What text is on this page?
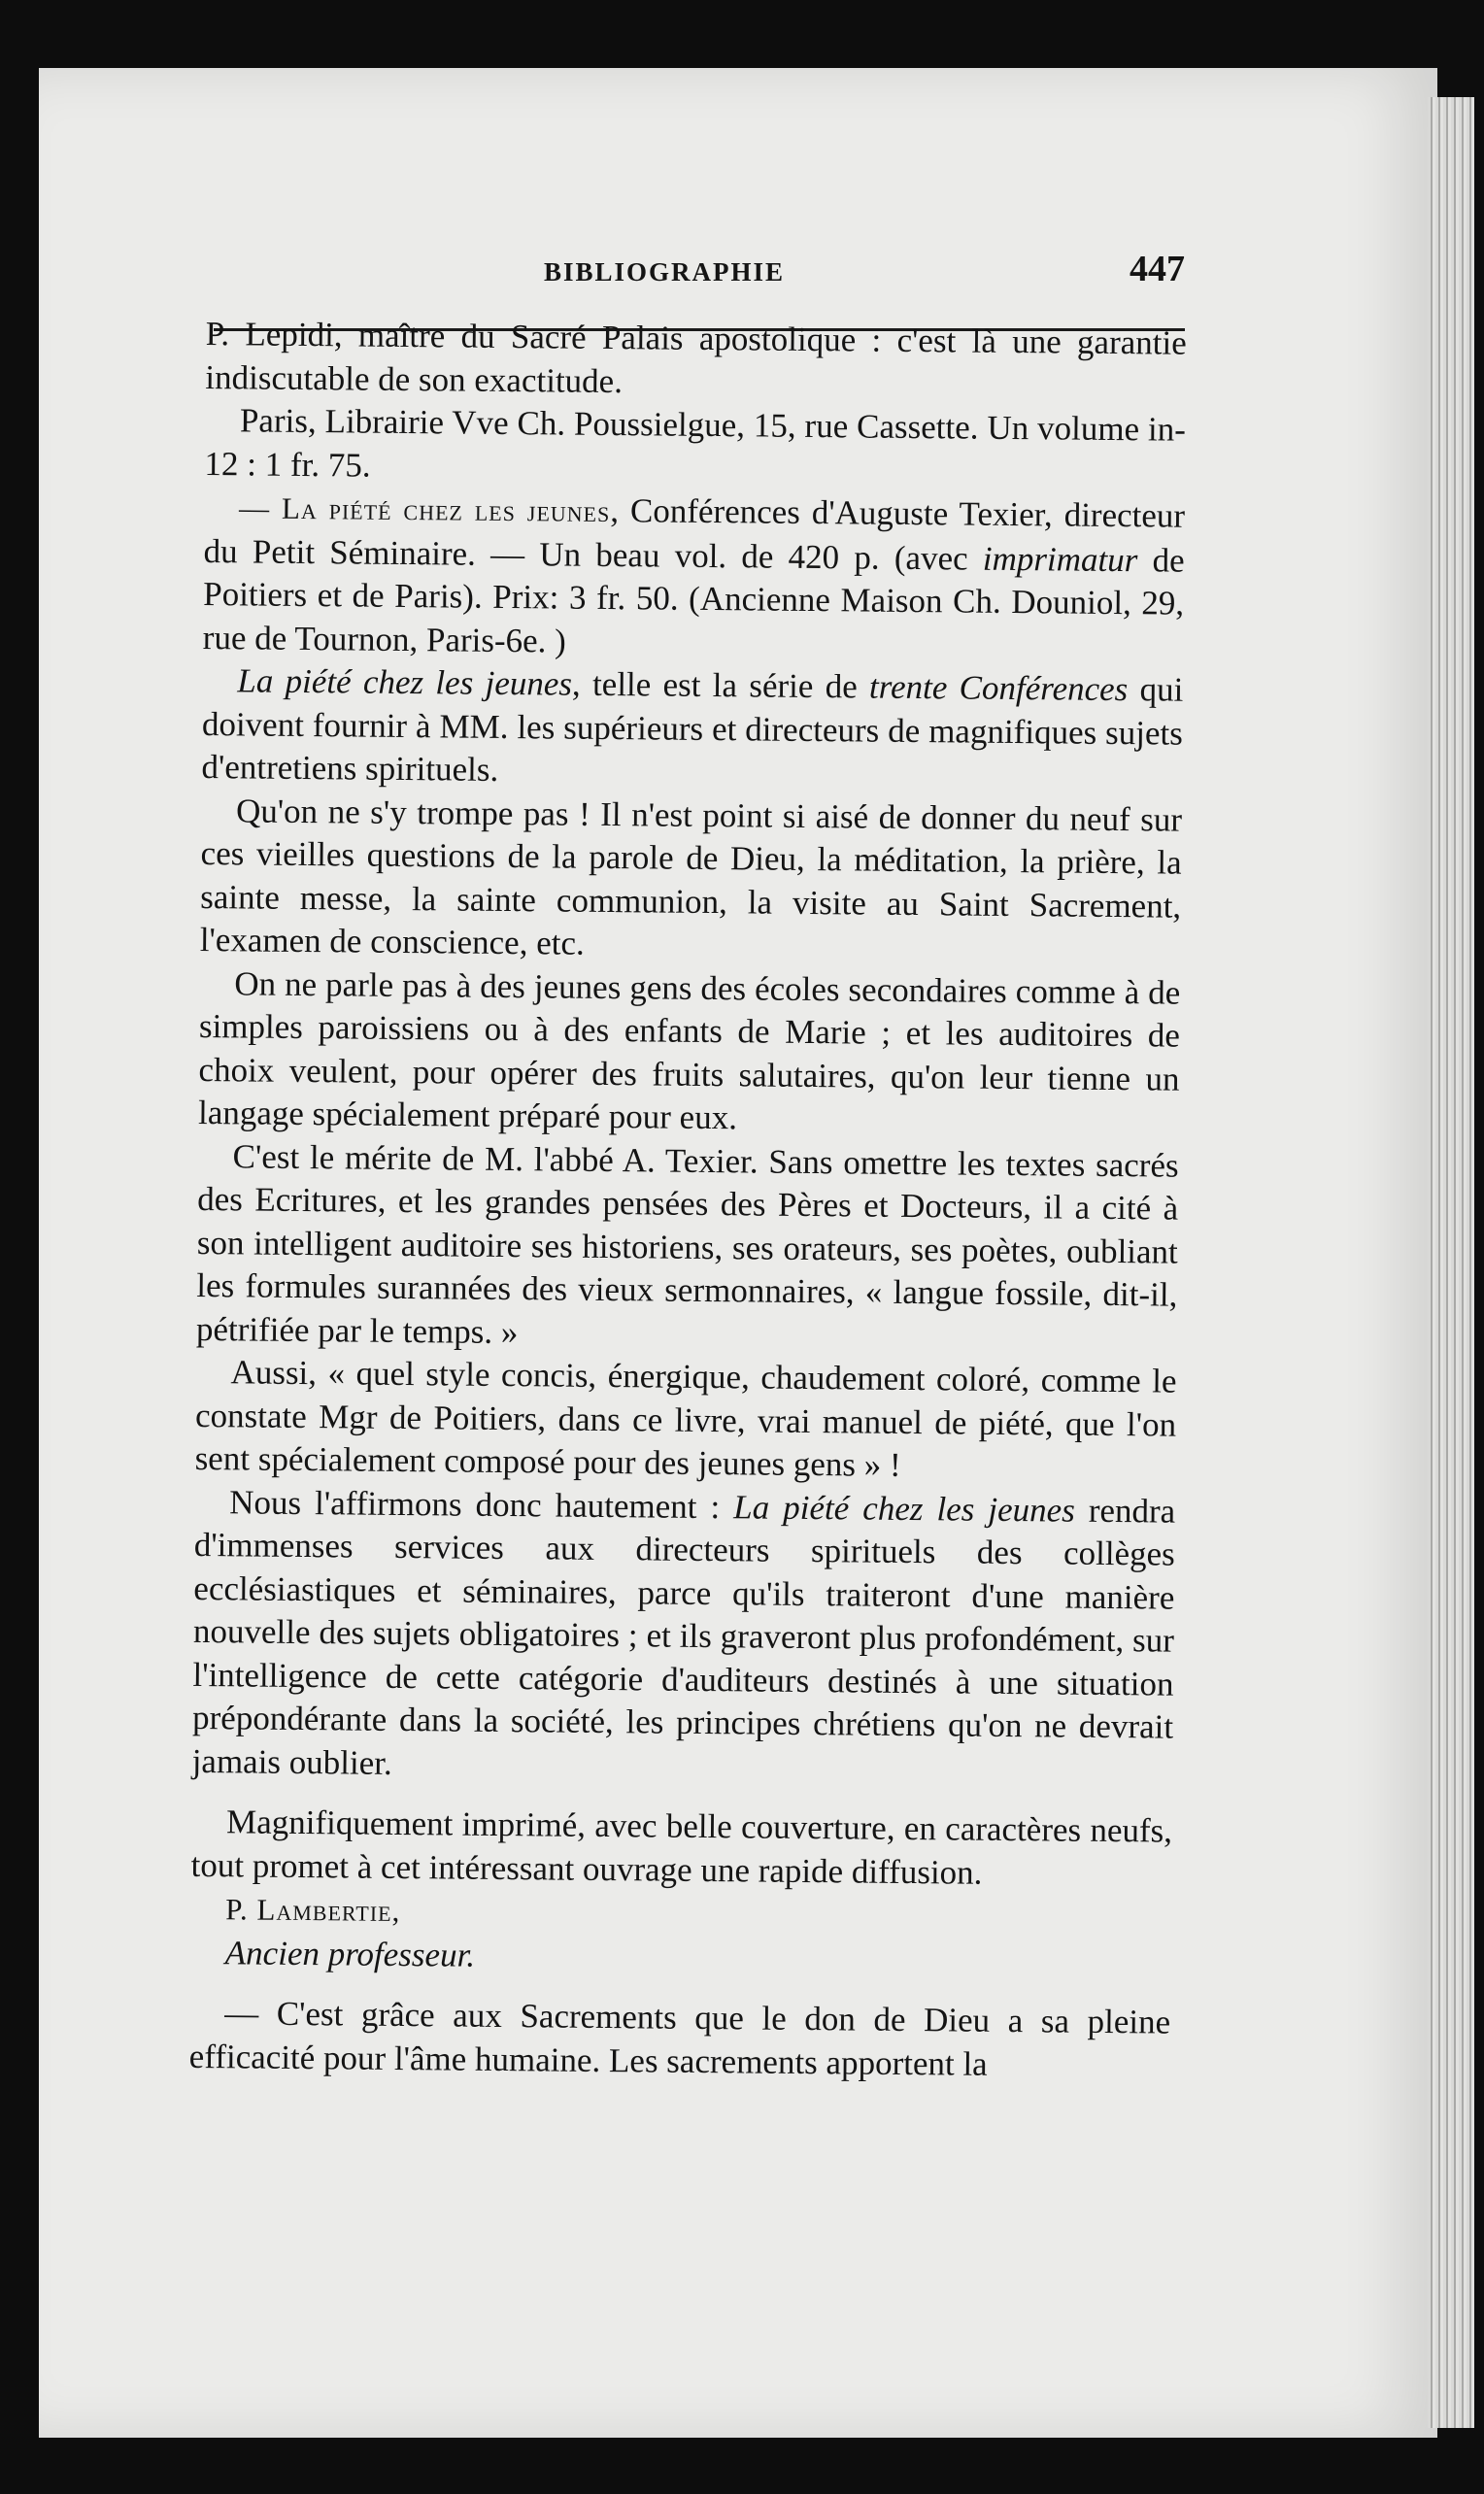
BIBLIOGRAPHIE	447

P. Lepidi, maître du Sacré Palais apostolique : c'est là une garantie indiscutable de son exactitude.

Paris, Librairie Vve Ch. Poussielgue, 15, rue Cassette. Un volume in-12 : 1 fr. 75.

— La piété chez les jeunes, Conférences d'Auguste Texier, directeur du Petit Séminaire. — Un beau vol. de 420 p. (avec imprimatur de Poitiers et de Paris). Prix: 3 fr. 50. (Ancienne Maison Ch. Douniol, 29, rue de Tournon, Paris-6e. )

La piété chez les jeunes, telle est la série de trente Conférences qui doivent fournir à MM. les supérieurs et directeurs de magnifiques sujets d'entretiens spirituels.

Qu'on ne s'y trompe pas ! Il n'est point si aisé de donner du neuf sur ces vieilles questions de la parole de Dieu, la méditation, la prière, la sainte messe, la sainte communion, la visite au Saint Sacrement, l'examen de conscience, etc.

On ne parle pas à des jeunes gens des écoles secondaires comme à de simples paroissiens ou à des enfants de Marie ; et les auditoires de choix veulent, pour opérer des fruits salutaires, qu'on leur tienne un langage spécialement préparé pour eux.

C'est le mérite de M. l'abbé A. Texier. Sans omettre les textes sacrés des Ecritures, et les grandes pensées des Pères et Docteurs, il a cité à son intelligent auditoire ses historiens, ses orateurs, ses poètes, oubliant les formules surannées des vieux sermonnaires, « langue fossile, dit-il, pétrifiée par le temps. »

Aussi, « quel style concis, énergique, chaudement coloré, comme le constate Mgr de Poitiers, dans ce livre, vrai manuel de piété, que l'on sent spécialement composé pour des jeunes gens » !

Nous l'affirmons donc hautement : La piété chez les jeunes rendra d'immenses services aux directeurs spirituels des collèges ecclésiastiques et séminaires, parce qu'ils traiteront d'une manière nouvelle des sujets obligatoires ; et ils graveront plus profondément, sur l'intelligence de cette catégorie d'auditeurs destinés à une situation prépondérante dans la société, les principes chrétiens qu'on ne devrait jamais oublier.

Magnifiquement imprimé, avec belle couverture, en caractères neufs, tout promet à cet intéressant ouvrage une rapide diffusion.

P. Lambertie,

Ancien professeur.

— C'est grâce aux Sacrements que le don de Dieu a sa pleine efficacité pour l'âme humaine. Les sacrements apportent la
